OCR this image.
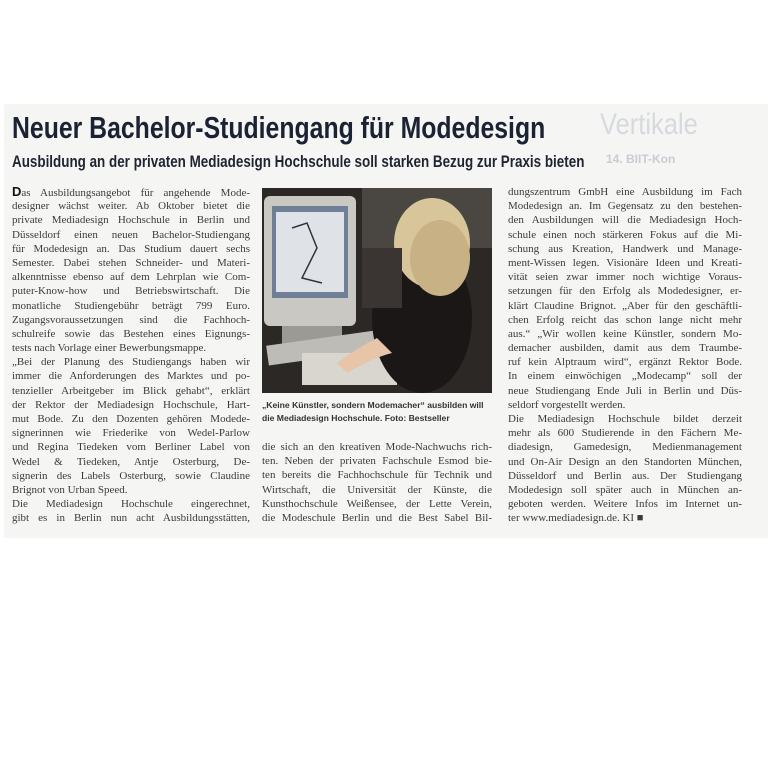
Vertikale
14. BIIT-Kon
Neuer Bachelor-Studiengang für Modedesign
Ausbildung an der privaten Mediadesign Hochschule soll starken Bezug zur Praxis bieten
Das Ausbildungsangebot für angehende Mode-
designer wächst weiter. Ab Oktober bietet die
private Mediadesign Hochschule in Berlin und
Düsseldorf einen neuen Bachelor-Studiengang
für Modedesign an. Das Studium dauert sechs
Semester. Dabei stehen Schneider- und Materi-
alkenntnisse ebenso auf dem Lehrplan wie Com-
puter-Know-how und Betriebswirtschaft. Die
monatliche Studiengebühr beträgt 799 Euro.
Zugangsvoraussetzungen sind die Fachhoch-
schulreife sowie das Bestehen eines Eignungs-
tests nach Vorlage einer Bewerbungsmappe.
„Bei der Planung des Studiengangs haben wir
immer die Anforderungen des Marktes und po-
tenzieller Arbeitgeber im Blick gehabt“, erklärt
der Rektor der Mediadesign Hochschule, Hart-
mut Bode. Zu den Dozenten gehören Modede-
signerinnen wie Friederike von Wedel-Parlow
und Regina Tiedeken vom Berliner Label von
Wedel & Tiedeken, Antje Osterburg, De-
signerin des Labels Osterburg, sowie Claudine
Brignot von Urban Speed.
Die Mediadesign Hochschule eingerechnet,
gibt es in Berlin nun acht Ausbildungsstätten,
„Keine Künstler, sondern Modemacher“ ausbilden will
die Mediadesign Hochschule. Foto: Bestseller
die sich an den kreativen Mode-Nachwuchs rich-
ten. Neben der privaten Fachschule Esmod bie-
ten bereits die Fachhochschule für Technik und
Wirtschaft, die Universität der Künste, die
Kunsthochschule Weißensee, der Lette Verein,
die Modeschule Berlin und die Best Sabel Bil-
dungszentrum GmbH eine Ausbildung im Fach
Modedesign an. Im Gegensatz zu den bestehen-
den Ausbildungen will die Mediadesign Hoch-
schule einen noch stärkeren Fokus auf die Mi-
schung aus Kreation, Handwerk und Manage-
ment-Wissen legen. Visionäre Ideen und Kreati-
vität seien zwar immer noch wichtige Voraus-
setzungen für den Erfolg als Modedesigner, er-
klärt Claudine Brignot. „Aber für den geschäftli-
chen Erfolg reicht das schon lange nicht mehr
aus.“ „Wir wollen keine Künstler, sondern Mo-
demacher ausbilden, damit aus dem Traumbe-
ruf kein Alptraum wird“, ergänzt Rektor Bode.
In einem einwöchigen „Modecamp“ soll der
neue Studiengang Ende Juli in Berlin und Düs-
seldorf vorgestellt werden.
Die Mediadesign Hochschule bildet derzeit
mehr als 600 Studierende in den Fächern Me-
diadesign, Gamedesign, Medienmanagement
und On-Air Design an den Standorten München,
Düsseldorf und Berlin aus. Der Studiengang
Modedesign soll später auch in München an-
geboten werden. Weitere Infos im Internet un-
ter www.mediadesign.de. KI ■
